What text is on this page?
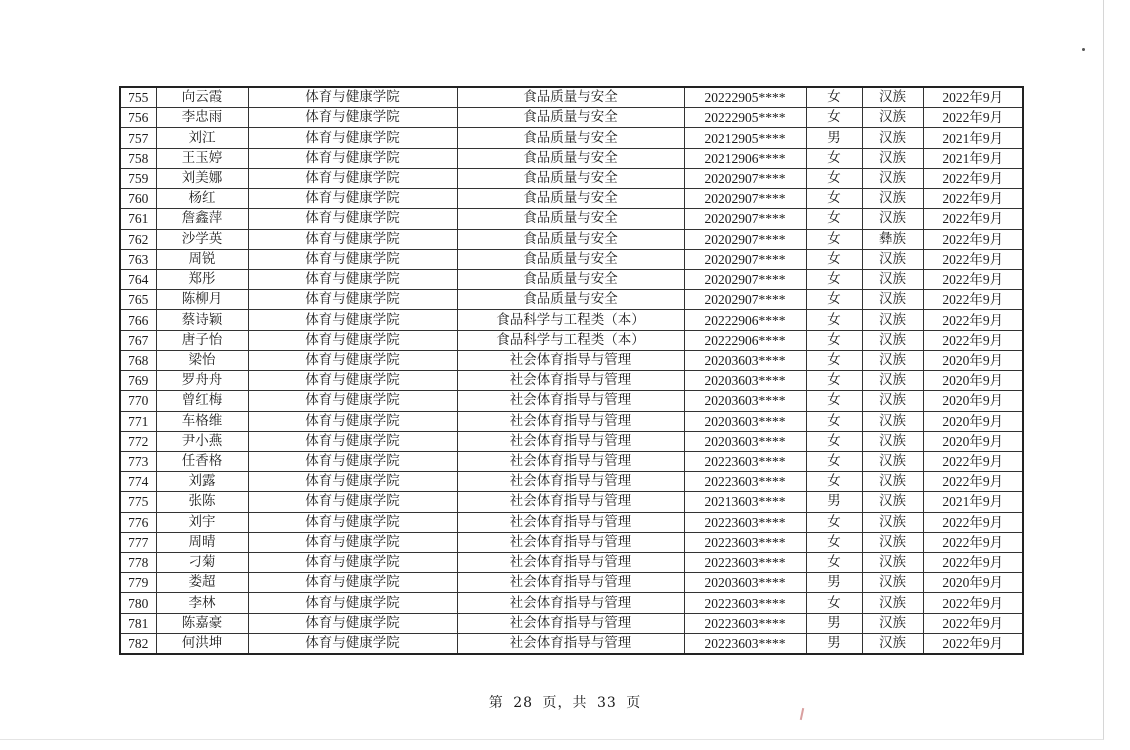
755	向云霞	体育与健康学院	食品质量与安全	20222905****	女	汉族	2022年9月
756	李忠雨	体育与健康学院	食品质量与安全	20222905****	女	汉族	2022年9月
757	刘江	体育与健康学院	食品质量与安全	20212905****	男	汉族	2021年9月
758	王玉婷	体育与健康学院	食品质量与安全	20212906****	女	汉族	2021年9月
759	刘美娜	体育与健康学院	食品质量与安全	20202907****	女	汉族	2022年9月
760	杨红	体育与健康学院	食品质量与安全	20202907****	女	汉族	2022年9月
761	詹鑫萍	体育与健康学院	食品质量与安全	20202907****	女	汉族	2022年9月
762	沙学英	体育与健康学院	食品质量与安全	20202907****	女	彝族	2022年9月
763	周锐	体育与健康学院	食品质量与安全	20202907****	女	汉族	2022年9月
764	郑彤	体育与健康学院	食品质量与安全	20202907****	女	汉族	2022年9月
765	陈柳月	体育与健康学院	食品质量与安全	20202907****	女	汉族	2022年9月
766	蔡诗颖	体育与健康学院	食品科学与工程类（本）	20222906****	女	汉族	2022年9月
767	唐子怡	体育与健康学院	食品科学与工程类（本）	20222906****	女	汉族	2022年9月
768	梁怡	体育与健康学院	社会体育指导与管理	20203603****	女	汉族	2020年9月
769	罗舟舟	体育与健康学院	社会体育指导与管理	20203603****	女	汉族	2020年9月
770	曾红梅	体育与健康学院	社会体育指导与管理	20203603****	女	汉族	2020年9月
771	车格维	体育与健康学院	社会体育指导与管理	20203603****	女	汉族	2020年9月
772	尹小燕	体育与健康学院	社会体育指导与管理	20203603****	女	汉族	2020年9月
773	任香格	体育与健康学院	社会体育指导与管理	20223603****	女	汉族	2022年9月
774	刘露	体育与健康学院	社会体育指导与管理	20223603****	女	汉族	2022年9月
775	张陈	体育与健康学院	社会体育指导与管理	20213603****	男	汉族	2021年9月
776	刘宇	体育与健康学院	社会体育指导与管理	20223603****	女	汉族	2022年9月
777	周晴	体育与健康学院	社会体育指导与管理	20223603****	女	汉族	2022年9月
778	刁菊	体育与健康学院	社会体育指导与管理	20223603****	女	汉族	2022年9月
779	娄超	体育与健康学院	社会体育指导与管理	20203603****	男	汉族	2020年9月
780	李林	体育与健康学院	社会体育指导与管理	20223603****	女	汉族	2022年9月
781	陈嘉豪	体育与健康学院	社会体育指导与管理	20223603****	男	汉族	2022年9月
782	何洪坤	体育与健康学院	社会体育指导与管理	20223603****	男	汉族	2022年9月
第 28 页，共 33 页
